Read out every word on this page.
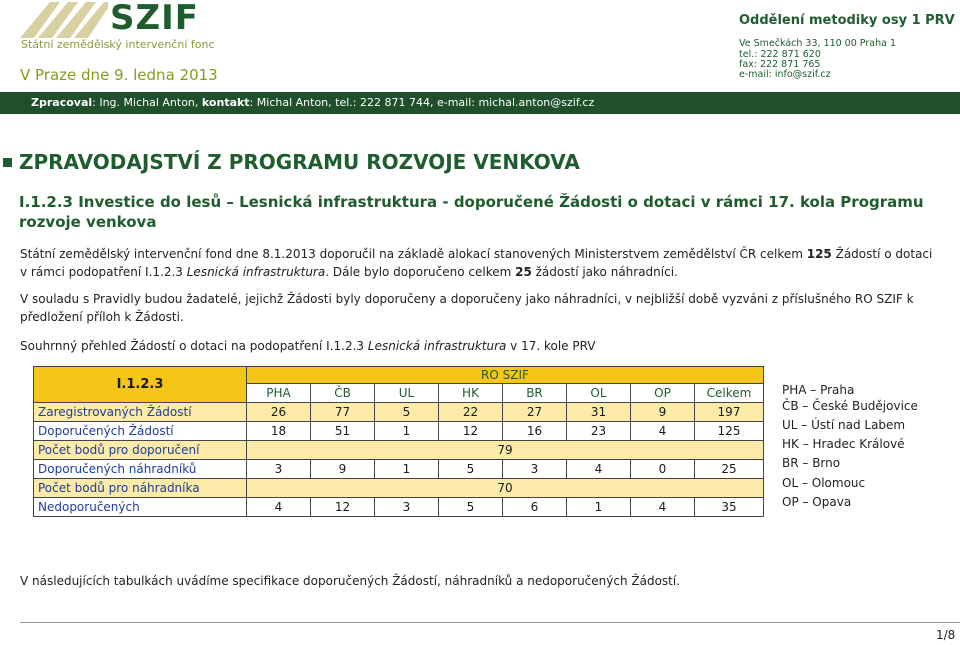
SZIF
Státní zemědělský intervenční fonc
V Praze dne 9. ledna 2013
Oddělení metodiky osy 1 PRV
Ve Smečkách 33, 110 00 Praha 1
tel.: 222 871 620
fax: 222 871 765
e-mail: info@szif.cz
Zpracoval: Ing. Michal Anton, kontakt: Michal Anton, tel.: 222 871 744, e-mail: michal.anton@szif.cz
ZPRAVODAJSTVÍ Z PROGRAMU ROZVOJE VENKOVA
I.1.2.3 Investice do lesů – Lesnická infrastruktura - doporučené Žádosti o dotaci v rámci 17. kola Programu rozvoje venkova
Státní zemědělský intervenční fond dne 8.1.2013 doporučil na základě alokací stanovených Ministerstvem zemědělství ČR celkem 125 Žádostí o dotaci v rámci podopatření I.1.2.3 Lesnická infrastruktura. Dále bylo doporučeno celkem 25 žádostí jako náhradníci.
V souladu s Pravidly budou žadatelé, jejichž Žádosti byly doporučeny a doporučeny jako náhradníci, v nejbližší době vyzváni z příslušného RO SZIF k předložení příloh k Žádosti.
Souhrnný přehled Žádostí o dotaci na podopatření I.1.2.3 Lesnická infrastruktura v 17. kole PRV
I.1.2.3	RO SZIF							
	PHA	ČB	UL	HK	BR	OL	OP	Celkem
Zaregistrovaných Žádostí	26	77	5	22	27	31	9	197
Doporučených Žádostí	18	51	1	12	16	23	4	125
Počet bodů pro doporučení	79							
Doporučených náhradníků	3	9	1	5	3	4	0	25
Počet bodů pro náhradníka	70							
Nedoporučených	4	12	3	5	6	1	4	35
PHA – Praha
ČB – České Budějovice
UL – Ústí nad Labem
HK – Hradec Králové
BR – Brno
OL – Olomouc
OP – Opava
V následujících tabulkách uvádíme specifikace doporučených Žádostí, náhradníků a nedoporučených Žádostí.
1/8
